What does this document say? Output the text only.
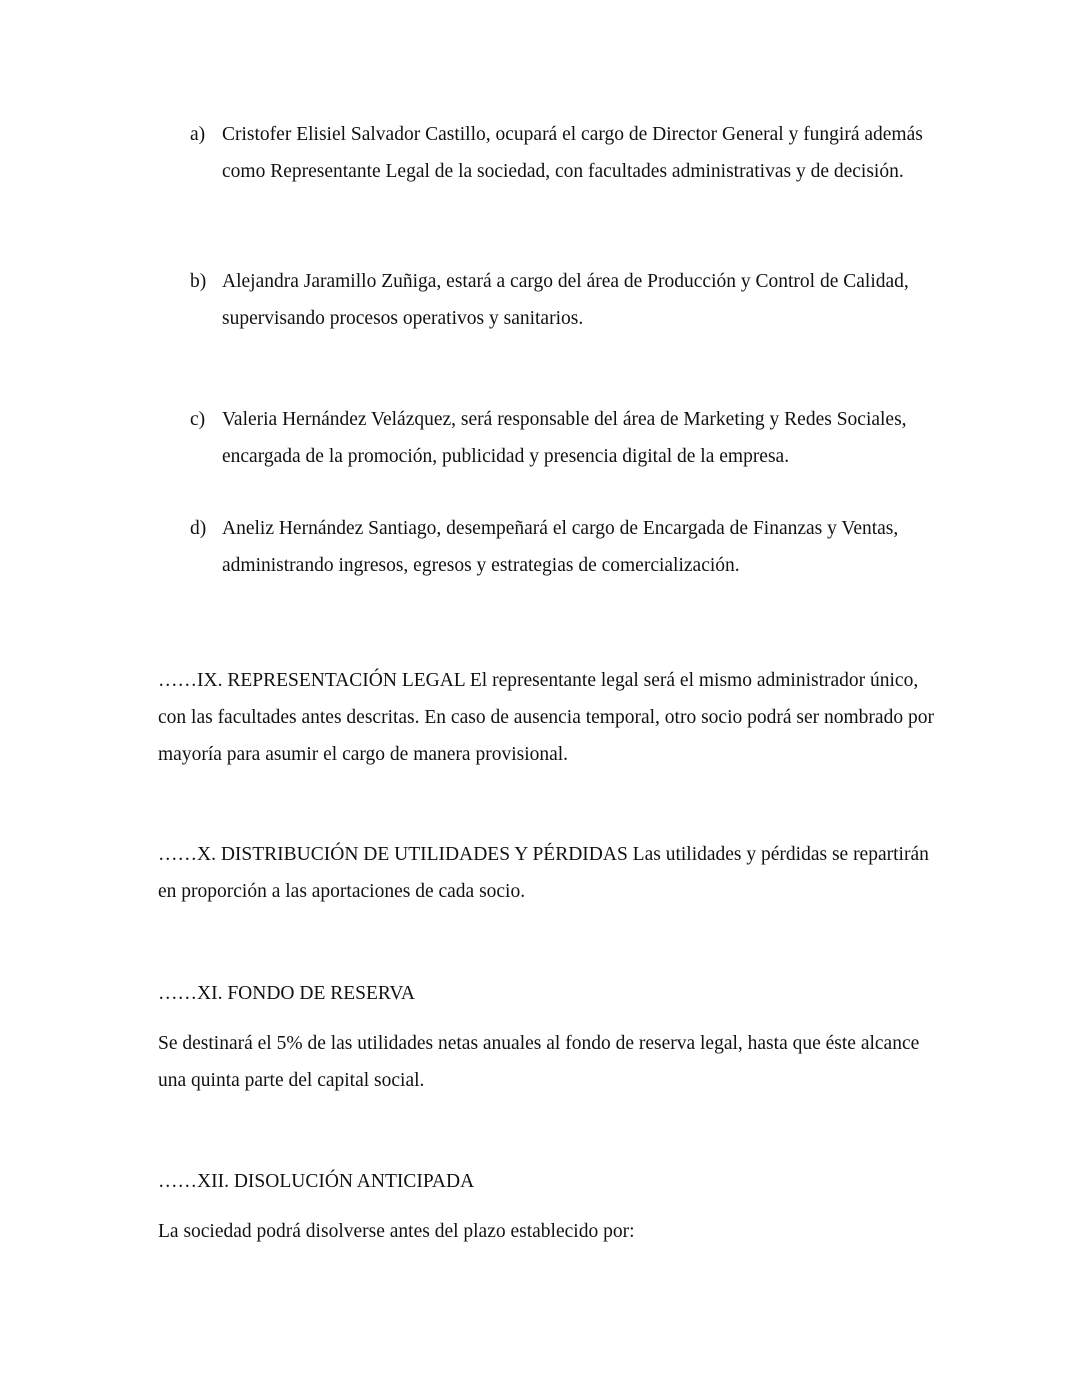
a) Cristofer Elisiel Salvador Castillo, ocupará el cargo de Director General y fungirá además como Representante Legal de la sociedad, con facultades administrativas y de decisión.
b) Alejandra Jaramillo Zuñiga, estará a cargo del área de Producción y Control de Calidad, supervisando procesos operativos y sanitarios.
c) Valeria Hernández Velázquez, será responsable del área de Marketing y Redes Sociales, encargada de la promoción, publicidad y presencia digital de la empresa.
d) Aneliz Hernández Santiago, desempeñará el cargo de Encargada de Finanzas y Ventas, administrando ingresos, egresos y estrategias de comercialización.

……IX. REPRESENTACIÓN LEGAL El representante legal será el mismo administrador único, con las facultades antes descritas. En caso de ausencia temporal, otro socio podrá ser nombrado por mayoría para asumir el cargo de manera provisional.

……X. DISTRIBUCIÓN DE UTILIDADES Y PÉRDIDAS Las utilidades y pérdidas se repartirán en proporción a las aportaciones de cada socio.

……XI. FONDO DE RESERVA

Se destinará el 5% de las utilidades netas anuales al fondo de reserva legal, hasta que éste alcance una quinta parte del capital social.

……XII. DISOLUCIÓN ANTICIPADA

La sociedad podrá disolverse antes del plazo establecido por:
